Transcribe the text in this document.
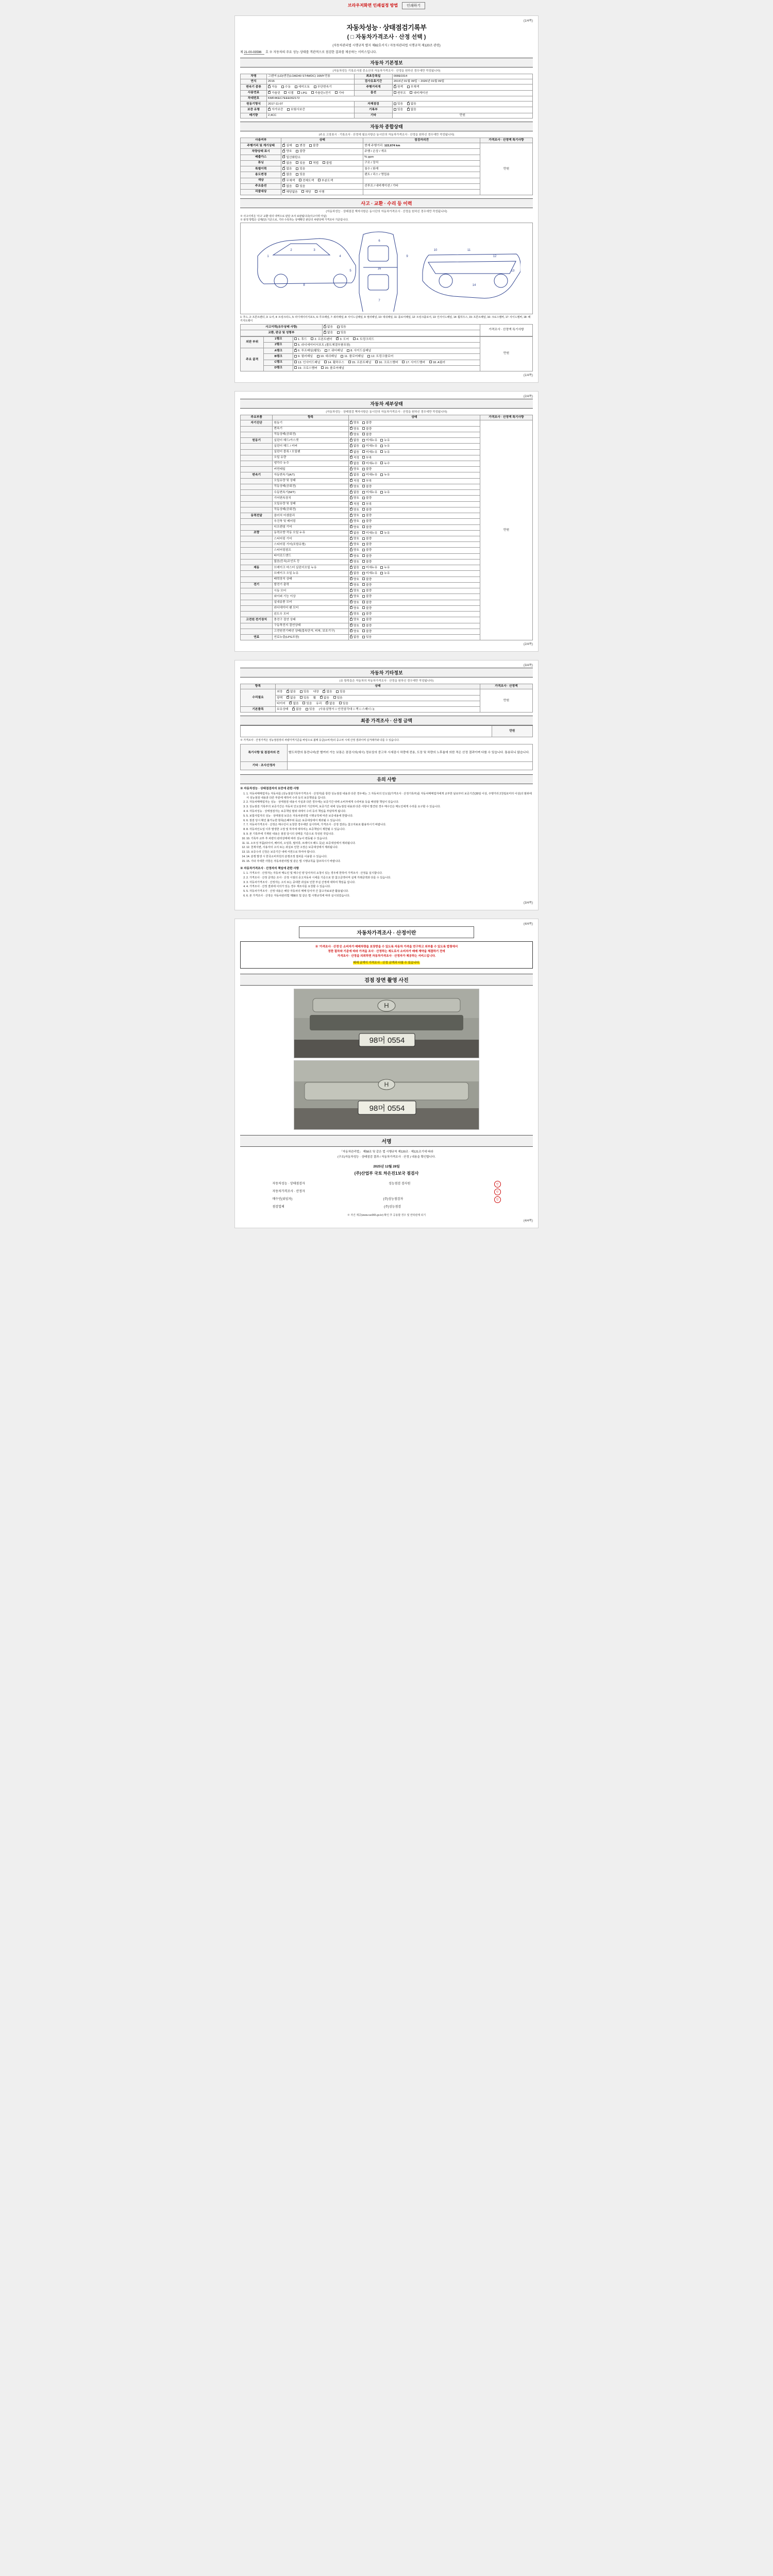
브라우저화면 인쇄설정 방법 인쇄하기
(1/4쪽)
자동차성능 · 상태점검기록부
( □ 자동차가격조사 · 산정 선택 )
(자동차관리법 시행규칙 별지 제82호서식 / 자동차관리법 시행규칙 제120조 관련)
제 21-00-03596 호 ※ 자동차의 주요 성능·상태를 객관적으로 점검한 결과를 제공하는 서비스입니다.
자동차 기본정보
(자동차성능 기록조사점 중소산의 자동차가격조사 · 산정을 원하신 경우에만 작성됩니다)
차명	그랜저 (LD)엔진(LOAD40 ST4WDC) 16MY전용	최초등록일	008E0314
연식	2016	검사유효기간	2015년 01월 09일 ~ 2026년 01월 09일
변속기 종류	✓자동 수동 세미오토 무단변속기	주행거리계	✓원색 무채색
사용연료	✓가솔린 디젤 LPG 가솔린+전기 기타	옵션	썬루프 내비게이션
차대번호	KMF4KEC7EEE062172		
원동기형식	2017-11-07	자체점검	있음 ✓ 없음
보증 유형	✓자가보증 보험사보증	기록부	있음 ✓ 없음
배기량	2,4CC	기타	만원
자동차 종합상태
(주요 고장표시 · 기록조사 · 산정에 필요사항은 동시단의 자동차가격조사 · 산정을 원하신 경우에만 작성됩니다)
사용여부	상태	점검자의견	가격조사 · 산정액 특기사항
주행거리 및 계기상태	✓실매 변경 불량	현재 주행거리 122,674 km	만원
차량상태 표시	✓양호 불량	주행 / 손상 / 개조	
배출가스	✓일산화탄소	% ppm	
튜닝	✓없음 있음 적법 불법	구조 / 장치	
특별이력	✓없음 있음	침수 / 화재	
용도변경	✓없음 있음	렌트 / 리스 / 영업용	
색상	✓무채색 전체도색 부분도색	
주요옵션	✓없음 있음	선루프 / 내비게이션 / 기타	
리콜대상	✓해당없음 해당 이행	
사고 · 교환 · 수리 등 이력
(자동차성능 · 상태점검 책자사항은 동시단의 자동차가격조사 · 산정을 원하신 경우에만 작성됩니다)
※ 사고이력은 '사고' 교환 내의 내역으로 판단 조사 보완됩니다(사고이력 아님)
※ 판정 방법은 실제(단) 기준으로, 기타 수록하는 상태확인 판단의 차량상태 가격조사 기준입니다.
1
2	3
4
5
8
6
16
7
9
10	11
12
13
14
1: 후드, 2: 프론트펜더, 3: 도어, 4: 트렁크리드, 5: 라디에이터서포트, 6: 루프패널, 7: 쿼터패널, 8: 사이드실패널, 9: 필러패널, 10: 대쉬패널, 11: 플로어패널, 12: 트렁크플로어, 13: 인사이드패널, 14: 휠하우스, 15: 프론트패널, 16: 크로스멤버, 17: 사이드멤버, 18: 패키지트레이
사고이력(유무상태 사항)	✓없음 있음	가격조사 · 산정액 특기사항
교환, 판금 및 성형부	✓없음 있음
외판 부위	1랭크	1. 후드 2. 프론트펜더 ✓ 3. 도어 4. 트렁크리드	만원
	2랭크	5. 라디에이터서포트 (볼트체결부품포함)	
주요 골격	A랭크	✓6. 루프패널(웰딩) 7. 쿼터패널 8. 사이드실패널
	B랭크	9. 필러패널 10. 대쉬패널 11. 플로어패널 12. 트렁크플로어	
	C랭크	13. 인사이드패널 14. 휠하우스 15. 프론트패널 16. 크로스멤버 17. 사이드멤버 18. A필러	
	D랭크	19. 크로스멤버 20. 플로어패널	
(1/4쪽)
(2/4쪽)
자동차 세부상태
(자동차성능 · 상태점검 책자사항은 동시단의 자동차가격조사 · 산정을 원하신 경우에만 작성됩니다)
주요부품	항목	상태	가격조사 · 산정액 특기사항
자기진단	원동기	✓양호 불량	만원
	변속기	✓양호 불량
	작동상태(공회전)	✓양호 불량
원동기	실린더 헤드/가스켓	✓없음 미세누유 누유
	실린더 헤드 / 커버	✓없음 미세누유 누유
	실린더 블록 / 오일팬	✓없음 미세누유 누유
	오일 유량	✓적정 부족
	냉각수 누수	✓없음 미세누수 누수
	커먼레일	✓양호 불량
변속기	자동변속기(A/T)	✓없음 미세누유 누유
	오일유량 및 상태	✓적정 부족
	작동상태(공회전)	✓양호 불량
	수동변속기(M/T)	✓없음 미세누유 누유
	기어변속장치	✓양호 불량
	오일유량 및 상태	✓적정 부족
	작동상태(공회전)	✓양호 불량
동력전달	클러치 어셈블리	✓양호 불량
	추진축 및 베어링	✓양호 불량
	디프렌셜 기어	✓양호 불량
조향	동력조향 작동 오일 누유	✓없음 미세누유 누유
	스티어링 기어	✓양호 불량
	스티어링 기어(포함유형)	✓양호 불량
	스티어링펌프	✓양호 불량
	타이로드엔드	✓양호 불량
	없음(등속)조인트 등	✓양호 불량
제동	브레이크 마스터 실린더오일 누유	✓없음 미세누유 누유
	브레이크 오일 누유	✓없음 미세누유 누유
	배력장치 상태	✓양호 불량
전기	발전기 출력	✓양호 불량
	시동 모터	✓양호 불량
	와이퍼 기능 이상	✓양호 불량
	실내송풍 모터	✓양호 불량
	라디에이터 팬 모터	✓양호 불량
	윈도우 모터	✓양호 불량
고전원 전기장치	충전구 절연 상태	✓양호 불량
	구동축전지 절연상태	✓양호 불량
	고전원전기배선 상태(접속단자, 피복, 보호기구)	✓양호 불량
연료	연료누출(LPG포함)	✓없음 있음
(2/4쪽)
(3/4쪽)
자동차 기타정보
(유 항목들은 자동차의 자동차가격조사 · 산정을 원하신 경우에만 작성됩니다)
항목	상태	가격조사 · 산정액
수리필요	외장 ✓ 없음 있음 내장 ✓ 없음 있음	만원
	광택 ✓ 없음 있음 휠 ✓ 없음 있음
	타이어 ✓ 없음 있음 유리 ✓ 없음 있음
기본품목	보유상태 ✓ 없음 있음 (사용설명서 □ 안전삼각대 □ 잭 □ 스패너 □)
최종 가격조사 · 산정 금액
	만원
※ 가격조사 · 산정가격은 성능점검장의 차량가격기준을 바탕으로 볼매 등급(소비자)의 중고차 시세 산정 결과이며 실거래가와 다를 수 있습니다.
특기사항 및 점검자의 견	별도차량의 통전니비(중 별여러 가능 보통은 점검시의(세시) 정보상의 중고차 시세검시 차량에 전용, 도장 및 차량의 노후율에 의한 적은 산정 결과이며 다를 수 있습니다. 통용되니 않습니다.
기타 · 조사산정자	
유의 사항
※ 자동차성능 · 상태점검자의 보증에 관한 사항
1. 1. 자동차매매업자는 자동차를 (성능점검기록부가격조사 · 산정자)를 통한 성능점검 내용과 다른 경우에는 그 자동차의 인도일(가격조사 · 산정기록부)를 자동차매매업자에게 교부한 날로부터 보증기간(30일 이상, 주행거리 2천킬로미터 이상)의 범위에서 성능점검 내용과 다른 부분에 대하여 수리 등의 보증책임을 집니다.
2. 2. 자동차매매업자는 성능 · 상태점검 내용이 사실과 다른 경우에는 보증기간 내에 소비자에게 수리비용 등을 배상할 책임이 있습니다.
3. 3. 성능점검 기록부의 보증기간은 자동차 인도일부터 기산하며, 보증기간 내에 성능점검 내용과 다른 사항이 발견된 경우 매수인은 매도인에게 수리를 요구할 수 있습니다.
4. 4. 자동차성능 · 상태점검자는 보증책임 범위 내에서 수리 등의 책임을 부담하게 됩니다.
5. 5. 보험사업자의 성능 · 상태점검 보증은 자동차관리법 시행규칙에 따른 보증내용에 한합니다.
6. 6. 점검 당시 확인 불가능한 항목(은폐부위 등)은 보증대상에서 제외될 수 있습니다.
7. 7. 자동차가격조사 · 산정은 매수인이 요청한 경우에만 실시하며, 가격조사 · 산정 결과는 참고자료로 활용하시기 바랍니다.
8. 8. 자동차인도일 이후 발생한 고장 및 하자에 대하여는 보증책임이 제한될 수 있습니다.
9. 9. 본 기록부에 기재된 내용은 점검 당시의 상태를 기준으로 작성된 것입니다.
10. 10. 기록부 교부 후 차량의 관리상태에 따라 성능이 변동될 수 있습니다.
11. 11. 소모성 부품(타이어, 배터리, 오일류, 필터류, 브레이크 패드 등)은 보증대상에서 제외됩니다.
12. 12. 천재지변, 사용자의 고의 또는 과실로 인한 고장은 보증대상에서 제외됩니다.
13. 13. 보증수리 신청은 보증기간 내에 서면으로 하여야 합니다.
14. 14. 분쟁 발생 시 한국소비자원의 분쟁조정 절차를 이용할 수 있습니다.
15. 15. 기타 자세한 사항은 자동차관리법 및 같은 법 시행규칙을 참조하시기 바랍니다.
※ 자동차가격조사 · 산정자의 책임에 관한 사항
1. 1. 가격조사 · 산정자는 자동차 매도인 및 매수인 양 당사자의 요청이 있는 경우에 한하여 가격조사 · 산정을 실시합니다.
2. 2. 가격조사 · 산정 금액은 조사 · 산정 시점의 중고자동차 시세를 기준으로 한 참고금액이며 실제 거래금액과 다를 수 있습니다.
3. 3. 자동차가격조사 · 산정자는 고의 또는 중대한 과실로 인한 부실 산정에 대하여 책임을 집니다.
4. 4. 가격조사 · 산정 결과에 이의가 있는 경우 재조사를 요청할 수 있습니다.
5. 5. 자동차가격조사 · 산정 내용은 해당 자동차의 매매 당사자 간 참고자료로만 활용됩니다.
6. 6. 본 가격조사 · 산정은 자동차관리법 제58조 및 같은 법 시행규칙에 따라 실시되었습니다.
(3/4쪽)
(4/4쪽)
자동차가격조사 · 산정이란

※ '가격조사 · 산정'은 소비자가 매매차량을 보장받을 수 있도록 자동차 가격을 연구하고 외부를 수 있도록 법령에서

정한 절차와 기준에 따라 가격을 조사 · 산정하는 제도로서 소비자가 매매 계약을 체결하기 전에

가격조사 · 산정을 의뢰하면 자동차가격조사 · 산정자가 제공하는 서비스입니다.

매매 금액이 가격조사 · 산정 금액과 다를 수 있습니다.

검점 장면 촬영 사진
H
98머 0554
H
98머 0554
서명
「자동차관리법」 제58조 및 같은 법 시행규칙 제120조 · 제121조기에 따라
(구조)자동차성능 · 상태점검 결과 / 자동차가격조사 · 산정 ) 내용을 확인합니다.
2025년 12월 28일
(주)산업부 국토 차은진1보국 점검사
자동차성능 · 상태점검자	성능점검 검사원	인
자동차가격조사 · 산정자	인
매수인(위임자)	(주)성능점검자	인
점검업체	(주)성능점검
※ 자건 제공(www.car365.go.kr) 확인 후 공용할 경우 및 연락관계 되기
(4/4쪽)
